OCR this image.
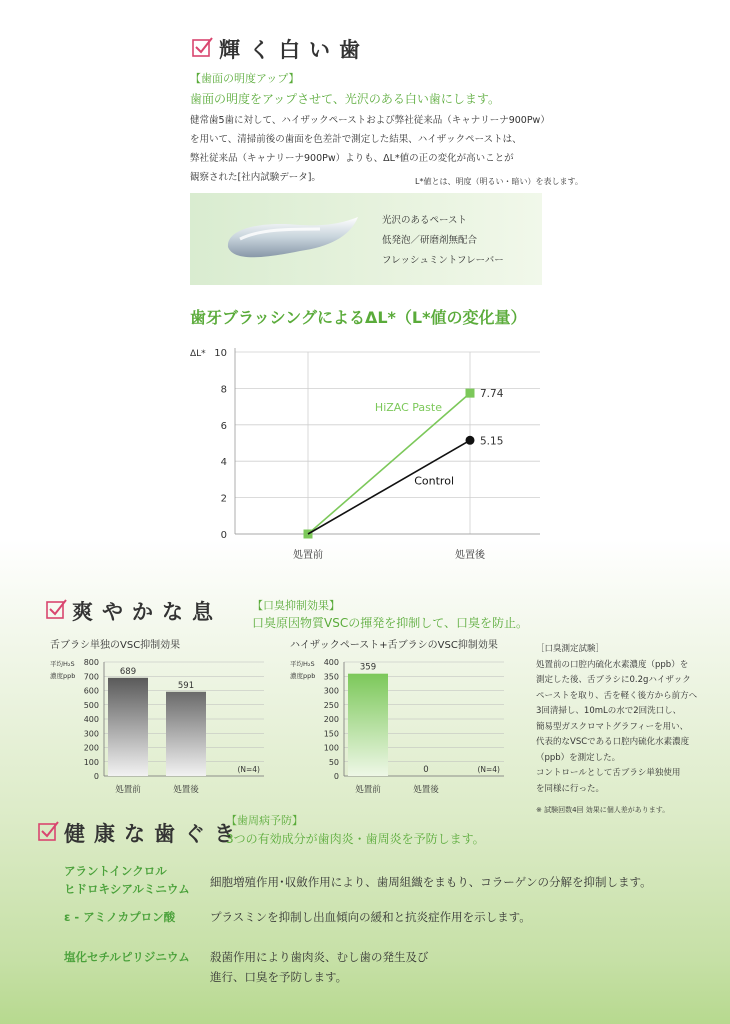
輝く白い歯
【歯面の明度アップ】
歯面の明度をアップさせて、光沢のある白い歯にします。
健常歯5歯に対して、ハイザックペーストおよび弊社従来品（キャナリーナ900Pw）
を用いて、清掃前後の歯面を色差計で測定した結果、ハイザックペーストは、
弊社従来品（キャナリーナ900Pw）よりも、ΔL*値の正の変化が高いことが
観察された[社内試験データ]。	L*値とは、明度（明るい・暗い）を表します。
光沢のあるペースト
低発泡／研磨剤無配合
フレッシュミントフレーバー
歯牙ブラッシングによるΔL*（L*値の変化量）
0
2
4
6
8
10
ΔL*
処置前	処置後
7.74
HiZAC Paste
5.15
Control
爽やかな息	【口臭抑制効果】
口臭原因物質VSCの揮発を抑制して、口臭を防止。
舌ブラシ単独のVSC抑制効果
0
100
200
300
400
500
600
700
800
平均H₂S
濃度ppb	689
処置前
591
処置後
(N=4)
ハイザックペースト+舌ブラシのVSC抑制効果
0
50
100
150
200
250
300
350
400
平均H₂S
濃度ppb
359
処置前
0
処置後
(N=4)
［口臭測定試験］
処置前の口腔内硫化水素濃度（ppb）を
測定した後、舌ブラシに0.2gハイザック
ペーストを取り、舌を軽く後方から前方へ
3回清掃し、10mLの水で2回洗口し、
簡易型ガスクロマトグラフィーを用い、
代表的なVSCである口腔内硫化水素濃度
（ppb）を測定した。
コントロールとして舌ブラシ単独使用
を同様に行った。
※ 試験回数4回 効果に個人差があります。
健康な歯ぐき
【歯周病予防】
3つの有効成分が歯肉炎・歯周炎を予防します。
アラントインクロル
ヒドロキシアルミニウム 細胞増殖作用･収斂作用により、歯周組織をまもり、コラーゲンの分解を抑制します。
ε - アミノカプロン酸	プラスミンを抑制し出血傾向の緩和と抗炎症作用を示します。
塩化セチルピリジニウム 殺菌作用により歯肉炎、むし歯の発生及び
進行、口臭を予防します。
